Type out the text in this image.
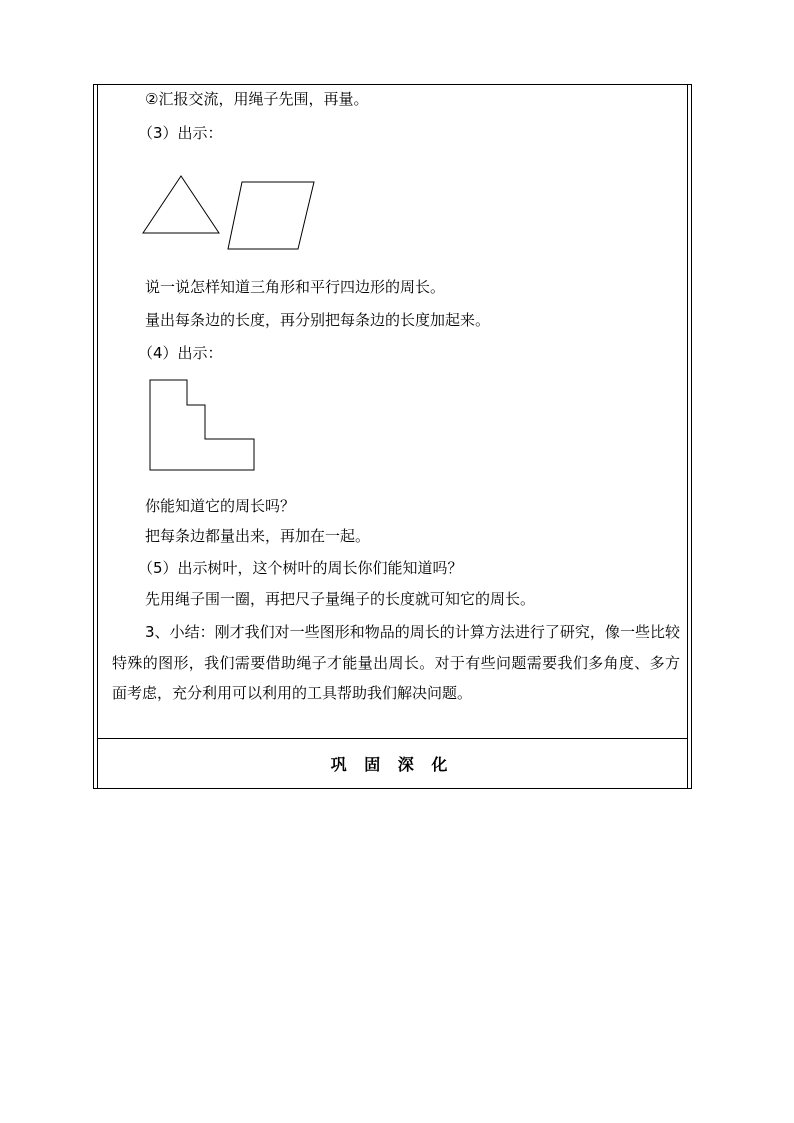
②汇报交流，用绳子先围，再量。
（3）出示：
说一说怎样知道三角形和平行四边形的周长。
量出每条边的长度，再分别把每条边的长度加起来。
（4）出示：
你能知道它的周长吗？
把每条边都量出来，再加在一起。
（5）出示树叶，这个树叶的周长你们能知道吗？
先用绳子围一圈，再把尺子量绳子的长度就可知它的周长。
3、小结：刚才我们对一些图形和物品的周长的计算方法进行了研究，像一些比较特殊的图形，我们需要借助绳子才能量出周长。对于有些问题需要我们多角度、多方面考虑，充分利用可以利用的工具帮助我们解决问题。
巩 固 深 化
